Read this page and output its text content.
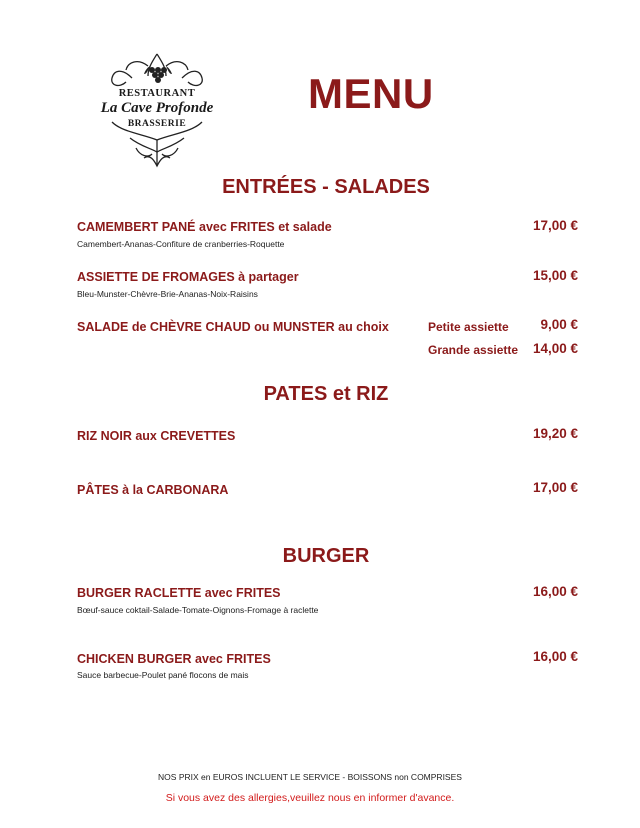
RESTAURANT
La Cave Profonde
BRASSERIE
MENU
ENTRÉES - SALADES
CAMEMBERT PANÉ avec FRITES et salade
Camembert-Ananas-Confiture de cranberries-Roquette
17,00 €
ASSIETTE DE FROMAGES à partager
Bleu-Munster-Chèvre-Brie-Ananas-Noix-Raisins
15,00 €
SALADE de CHÈVRE CHAUD ou MUNSTER au choix	Petite assiette 9,00 €
Grande assiette 14,00 €
PATES et RIZ
RIZ NOIR aux CREVETTES	19,20 €
PÂTES à la CARBONARA	17,00 €
BURGER
BURGER RACLETTE avec FRITES
Bœuf-sauce coktail-Salade-Tomate-Oignons-Fromage à raclette
16,00 €
CHICKEN BURGER avec FRITES
Sauce barbecue-Poulet pané flocons de mais
16,00 €
NOS PRIX en EUROS INCLUENT LE SERVICE - BOISSONS non COMPRISES
Si vous avez des allergies,veuillez nous en informer d'avance.
